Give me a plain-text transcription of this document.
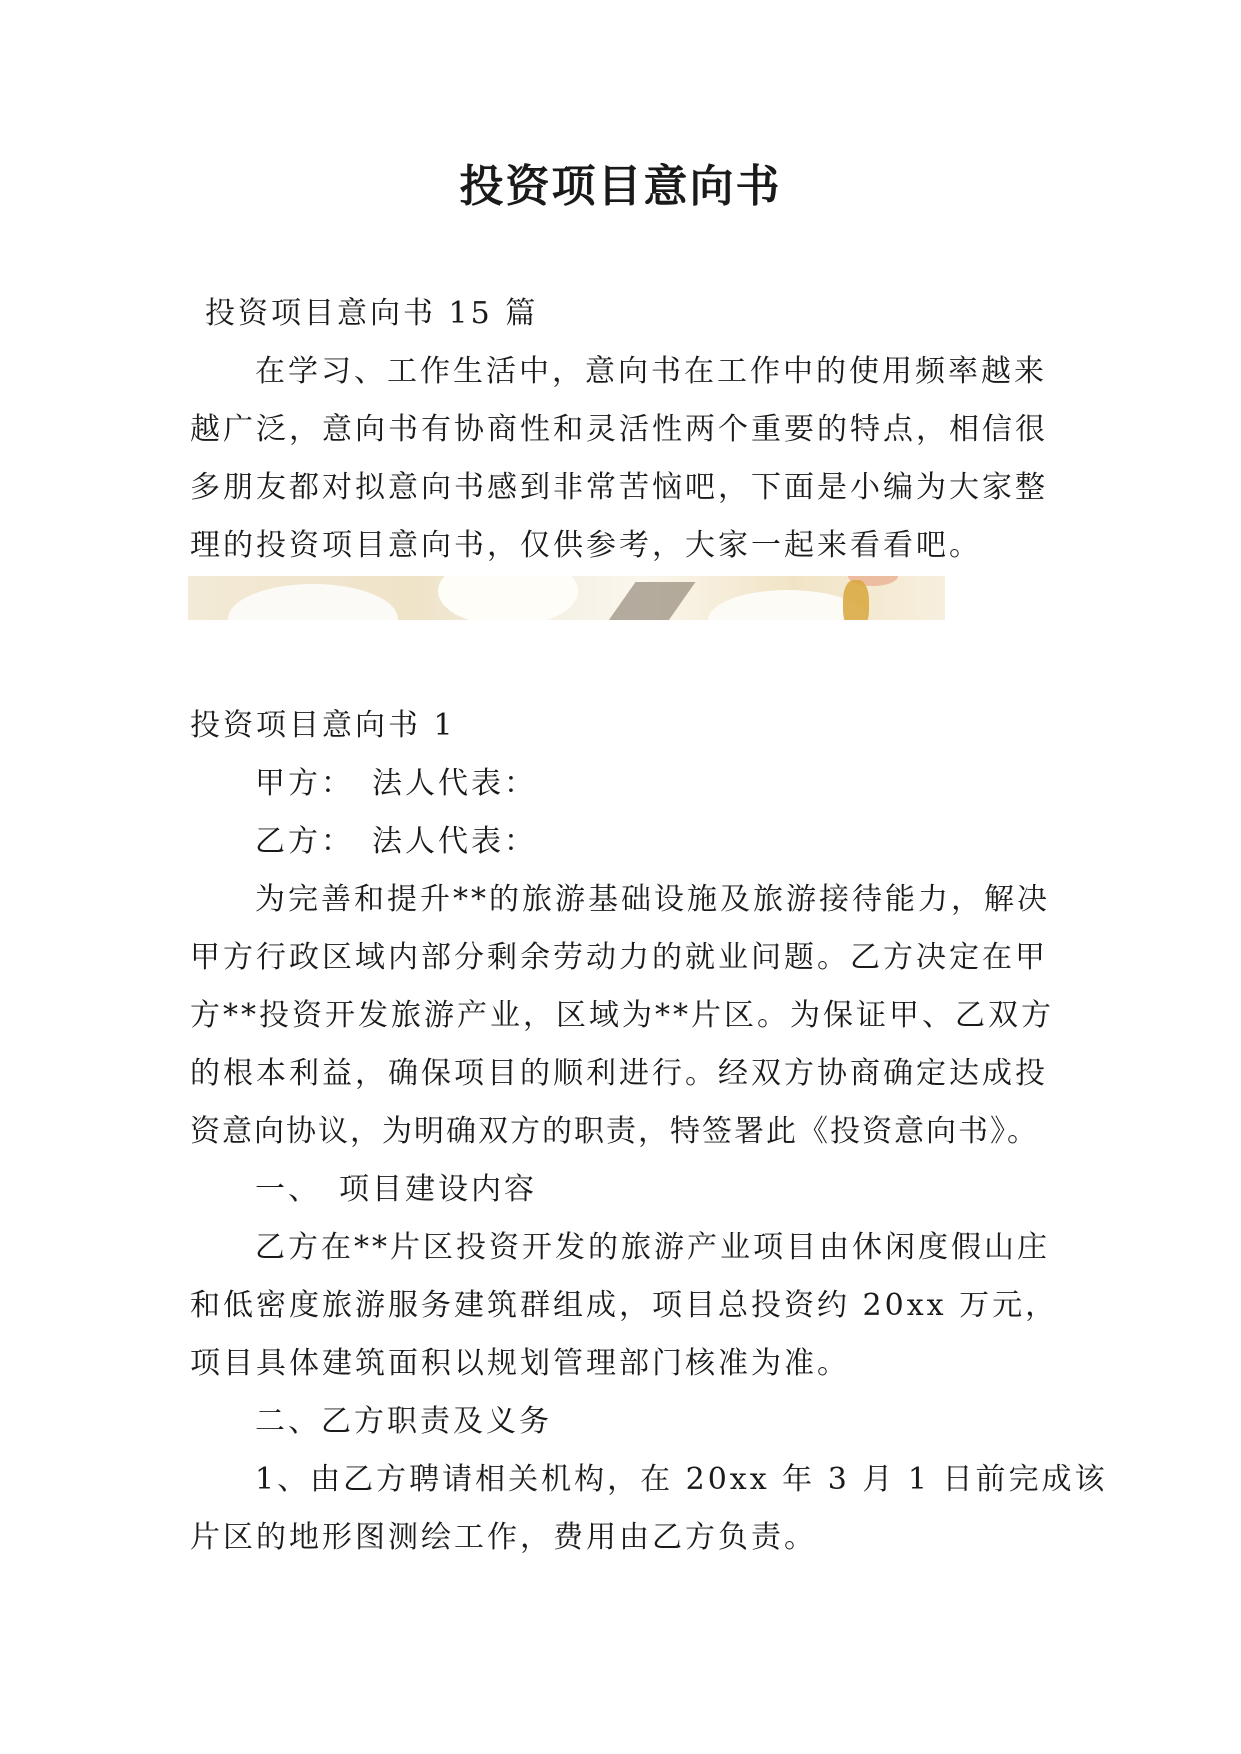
投资项目意向书

投资项目意向书 15 篇

在学习、工作生活中，意向书在工作中的使用频率越来

越广泛，意向书有协商性和灵活性两个重要的特点，相信很

多朋友都对拟意向书感到非常苦恼吧，下面是小编为大家整

理的投资项目意向书，仅供参考，大家一起来看看吧。

投资项目意向书 1

甲方：　法人代表：

乙方：　法人代表：

为完善和提升**的旅游基础设施及旅游接待能力，解决

甲方行政区域内部分剩余劳动力的就业问题。乙方决定在甲

方**投资开发旅游产业，区域为**片区。为保证甲、乙双方

的根本利益，确保项目的顺利进行。经双方协商确定达成投

资意向协议，为明确双方的职责，特签署此《投资意向书》。

一、　项目建设内容

乙方在**片区投资开发的旅游产业项目由休闲度假山庄

和低密度旅游服务建筑群组成，项目总投资约 20xx 万元，

项目具体建筑面积以规划管理部门核准为准。

二、乙方职责及义务

1、由乙方聘请相关机构，在 20xx 年 3 月 1 日前完成该

片区的地形图测绘工作，费用由乙方负责。
